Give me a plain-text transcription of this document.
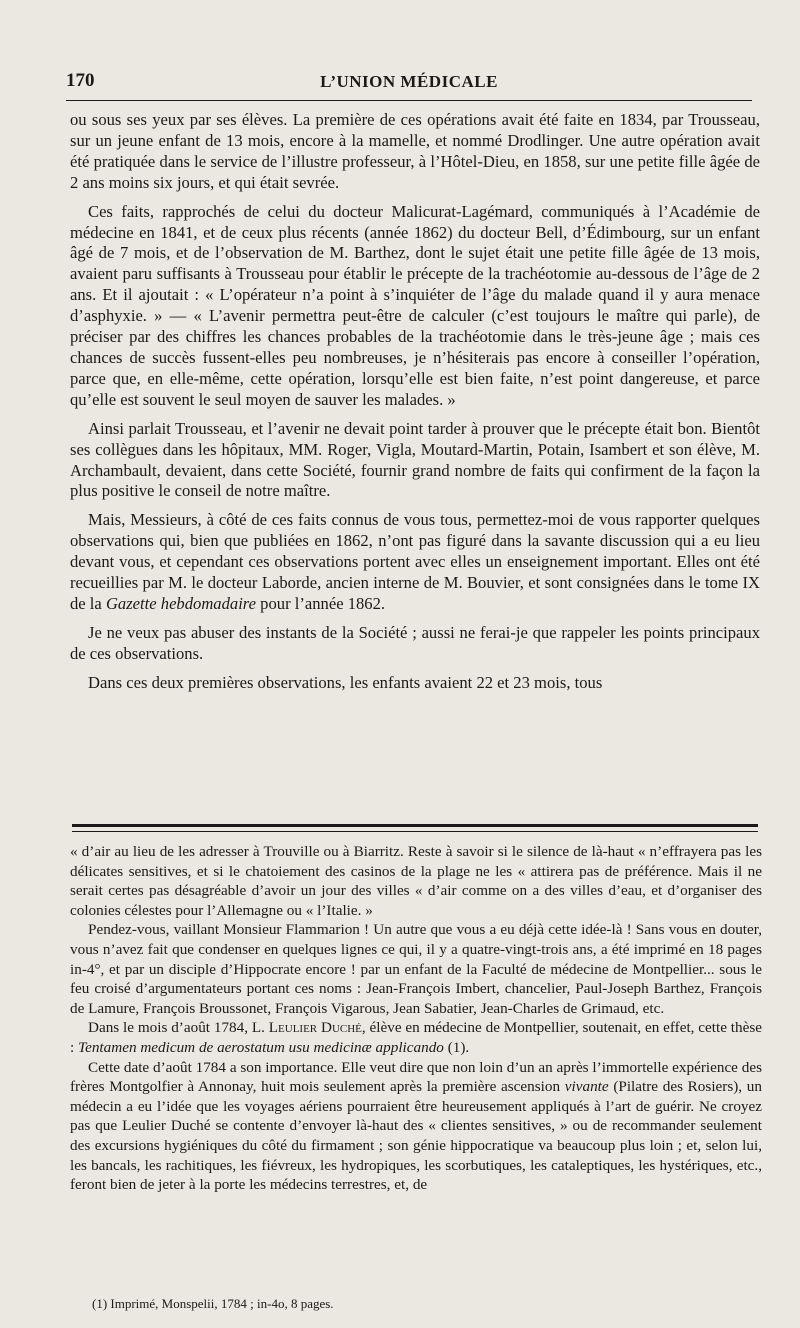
170	L’UNION MÉDICALE

ou sous ses yeux par ses élèves. La première de ces opérations avait été faite en 1834, par Trousseau, sur un jeune enfant de 13 mois, encore à la mamelle, et nommé Drodlinger. Une autre opération avait été pratiquée dans le service de l’illustre professeur, à l’Hôtel-Dieu, en 1858, sur une petite fille âgée de 2 ans moins six jours, et qui était sevrée.

Ces faits, rapprochés de celui du docteur Malicurat-Lagémard, communiqués à l’Académie de médecine en 1841, et de ceux plus récents (année 1862) du docteur Bell, d’Édimbourg, sur un enfant âgé de 7 mois, et de l’observation de M. Barthez, dont le sujet était une petite fille âgée de 13 mois, avaient paru suffisants à Trousseau pour établir le précepte de la trachéotomie au-dessous de l’âge de 2 ans. Et il ajoutait : « L’opérateur n’a point à s’inquiéter de l’âge du malade quand il y aura menace d’asphyxie. » — « L’avenir permettra peut-être de calculer (c’est toujours le maître qui parle), de préciser par des chiffres les chances probables de la trachéotomie dans le très-jeune âge ; mais ces chances de succès fussent-elles peu nombreuses, je n’hésiterais pas encore à conseiller l’opération, parce que, en elle-même, cette opération, lorsqu’elle est bien faite, n’est point dangereuse, et parce qu’elle est souvent le seul moyen de sauver les malades. »

Ainsi parlait Trousseau, et l’avenir ne devait point tarder à prouver que le précepte était bon. Bientôt ses collègues dans les hôpitaux, MM. Roger, Vigla, Moutard-Martin, Potain, Isambert et son élève, M. Archambault, devaient, dans cette Société, fournir grand nombre de faits qui confirment de la façon la plus positive le conseil de notre maître.

Mais, Messieurs, à côté de ces faits connus de vous tous, permettez-moi de vous rapporter quelques observations qui, bien que publiées en 1862, n’ont pas figuré dans la savante discussion qui a eu lieu devant vous, et cependant ces observations portent avec elles un enseignement important. Elles ont été recueillies par M. le docteur Laborde, ancien interne de M. Bouvier, et sont consignées dans le tome IX de la Gazette hebdomadaire pour l’année 1862.

Je ne veux pas abuser des instants de la Société ; aussi ne ferai-je que rappeler les points principaux de ces observations.

Dans ces deux premières observations, les enfants avaient 22 et 23 mois, tous

« d’air au lieu de les adresser à Trouville ou à Biarritz. Reste à savoir si le silence de là-haut « n’effrayera pas les délicates sensitives, et si le chatoiement des casinos de la plage ne les « attirera pas de préférence. Mais il ne serait certes pas désagréable d’avoir un jour des villes « d’air comme on a des villes d’eau, et d’organiser des colonies célestes pour l’Allemagne ou « l’Italie. »

Pendez-vous, vaillant Monsieur Flammarion ! Un autre que vous a eu déjà cette idée-là ! Sans vous en douter, vous n’avez fait que condenser en quelques lignes ce qui, il y a quatre-vingt-trois ans, a été imprimé en 18 pages in-4°, et par un disciple d’Hippocrate encore ! par un enfant de la Faculté de médecine de Montpellier... sous le feu croisé d’argumentateurs portant ces noms : Jean-François Imbert, chancelier, Paul-Joseph Barthez, François de Lamure, François Broussonet, François Vigarous, Jean Sabatier, Jean-Charles de Grimaud, etc.

Dans le mois d’août 1784, L. Leulier Duché, élève en médecine de Montpellier, soutenait, en effet, cette thèse : Tentamen medicum de aerostatum usu medicinæ applicando (1).

Cette date d’août 1784 a son importance. Elle veut dire que non loin d’un an après l’immortelle expérience des frères Montgolfier à Annonay, huit mois seulement après la première ascension vivante (Pilatre des Rosiers), un médecin a eu l’idée que les voyages aériens pourraient être heureusement appliqués à l’art de guérir. Ne croyez pas que Leulier Duché se contente d’envoyer là-haut des « clientes sensitives, » ou de recommander seulement des excursions hygiéniques du côté du firmament ; son génie hippocratique va beaucoup plus loin ; et, selon lui, les bancals, les rachitiques, les fiévreux, les hydropiques, les scorbutiques, les cataleptiques, les hystériques, etc., feront bien de jeter à la porte les médecins terrestres, et, de

(1) Imprimé, Monspelii, 1784 ; in-4o, 8 pages.
